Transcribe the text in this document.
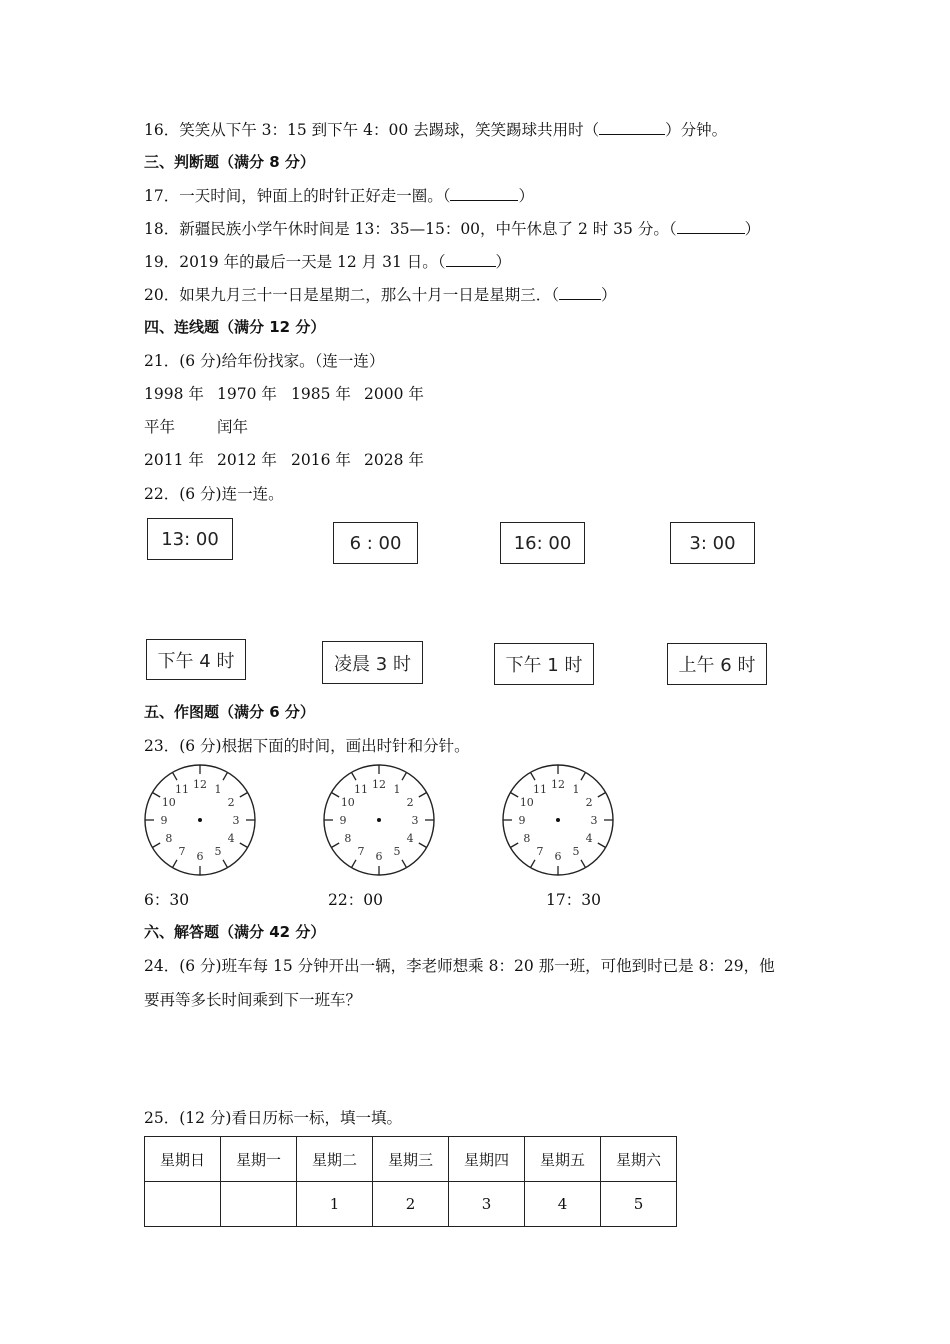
16．笑笑从下午 3：15 到下午 4：00 去踢球，笑笑踢球共用时（	）分钟。
三、判断题（满分 8 分）
17．一天时间，钟面上的时针正好走一圈。（	）
18．新疆民族小学午休时间是 13：35—15：00，中午休息了 2 时 35 分。（	）
19．2019 年的最后一天是 12 月 31 日。（	）
20．如果九月三十一日是星期二，那么十月一日是星期三．（	）
四、连线题（满分 12 分）
21．(6 分)给年份找家。（连一连）
1998 年 1970 年 1985 年 2000 年
平年	闰年
2011 年 2012 年 2016 年 2028 年
22．(6 分)连一连。
13: 00	6 : 00	16: 00	3: 00
下午 4 时	凌晨 3 时	下午 1 时	上午 6 时
五、作图题（满分 6 分）
23．(6 分)根据下面的时间，画出时针和分针。
12 1
2
3
4
5
6
7
8
9
10
11	12 1
2
3
4
5
6
7
8
9
10
11	12 1
2
3
4
5
6
7
8
9
10
11
6：30	22：00	17：30
六、解答题（满分 42 分）
24．(6 分)班车每 15 分钟开出一辆，李老师想乘 8：20 那一班，可他到时已是 8：29，他
要再等多长时间乘到下一班车？
25．(12 分)看日历标一标，填一填。
星期日	星期一	星期二	星期三	星期四	星期五	星期六
		1	2	3	4	5
